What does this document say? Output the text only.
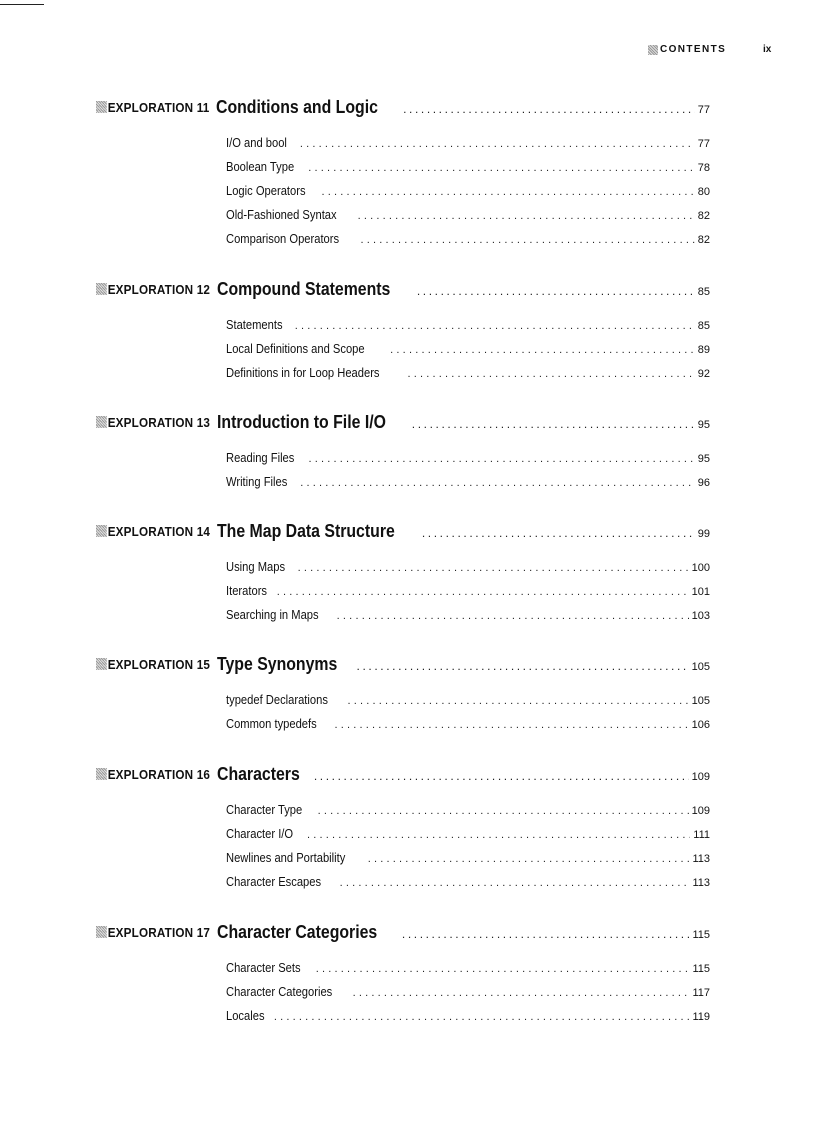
CONTENTS	ix
EXPLORATION 11 Conditions and Logic .....	77
I/O and bool .....	77
Boolean Type .....	78
Logic Operators .....	80
Old-Fashioned Syntax .....	82
Comparison Operators .....	82
EXPLORATION 12 Compound Statements .....	85
Statements .....	85
Local Definitions and Scope .....	89
Definitions in for Loop Headers .....	92
EXPLORATION 13 Introduction to File I/O .....	95
Reading Files .....	95
Writing Files .....	96
EXPLORATION 14 The Map Data Structure .....	99
Using Maps .....	100
Iterators .....	101
Searching in Maps .....	103
EXPLORATION 15 Type Synonyms .....	105
typedef Declarations .....	105
Common typedefs .....	106
EXPLORATION 16 Characters .....	109
Character Type .....	109
Character I/O .....	111
Newlines and Portability .....	113
Character Escapes .....	113
EXPLORATION 17 Character Categories .....	115
Character Sets .....	115
Character Categories .....	117
Locales .....	119
